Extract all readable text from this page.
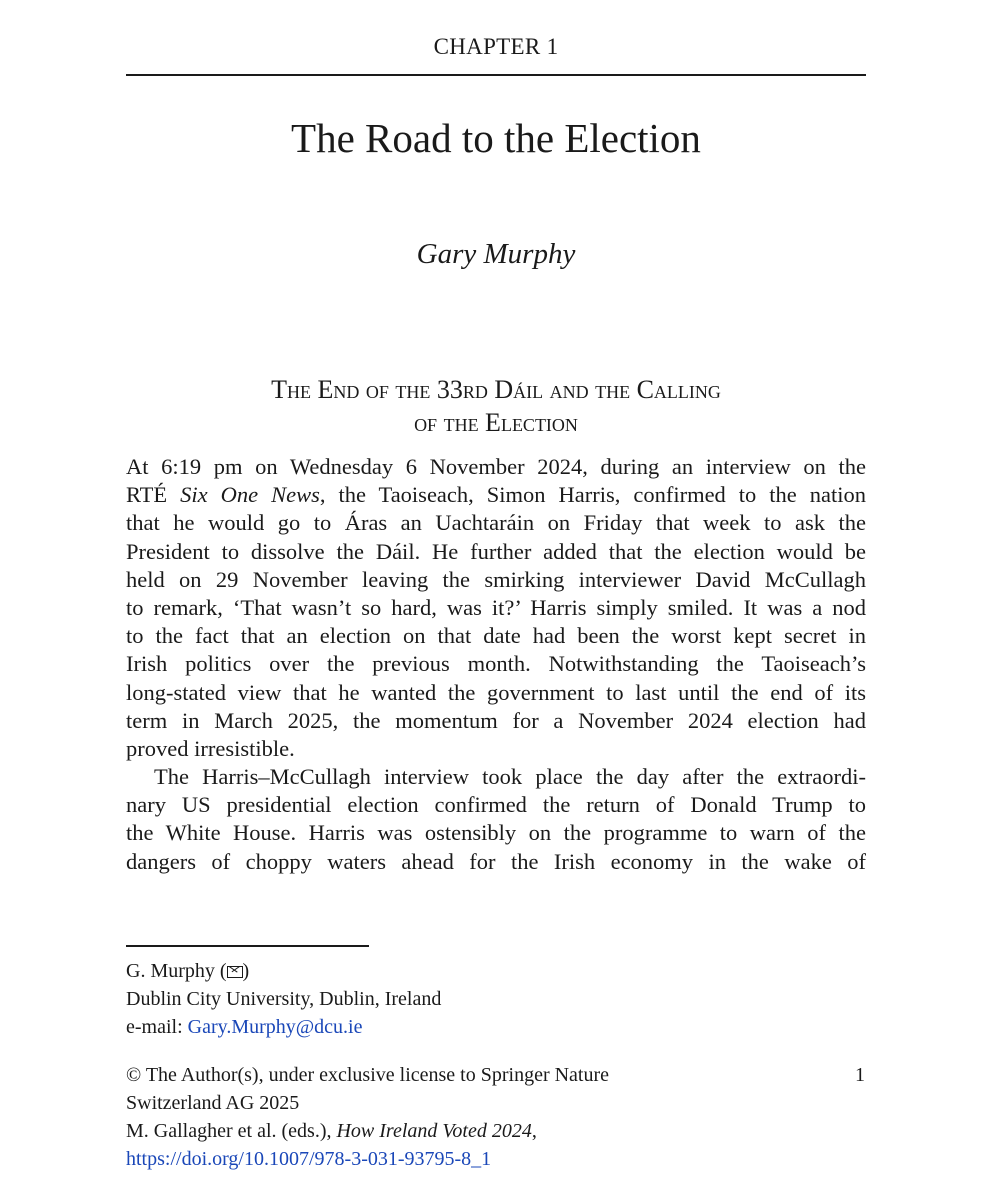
CHAPTER 1
The Road to the Election
Gary Murphy
The End of the 33rd Dáil and the Calling
of the Election
At 6:19 pm on Wednesday 6 November 2024, during an interview on the
RTÉ Six One News, the Taoiseach, Simon Harris, confirmed to the nation
that he would go to Áras an Uachtaráin on Friday that week to ask the
President to dissolve the Dáil. He further added that the election would be
held on 29 November leaving the smirking interviewer David McCullagh
to remark, ‘That wasn’t so hard, was it?’ Harris simply smiled. It was a nod
to the fact that an election on that date had been the worst kept secret in
Irish politics over the previous month. Notwithstanding the Taoiseach’s
long-stated view that he wanted the government to last until the end of its
term in March 2025, the momentum for a November 2024 election had
proved irresistible.
The Harris–McCullagh interview took place the day after the extraordi-
nary US presidential election confirmed the return of Donald Trump to
the White House. Harris was ostensibly on the programme to warn of the
dangers of choppy waters ahead for the Irish economy in the wake of
G. Murphy ( )
Dublin City University, Dublin, Ireland
e-mail: Gary.Murphy@dcu.ie
© The Author(s), under exclusive license to Springer Nature
Switzerland AG 2025
M. Gallagher et al. (eds.), How Ireland Voted 2024,
https://doi.org/10.1007/978-3-031-93795-8_1
1
